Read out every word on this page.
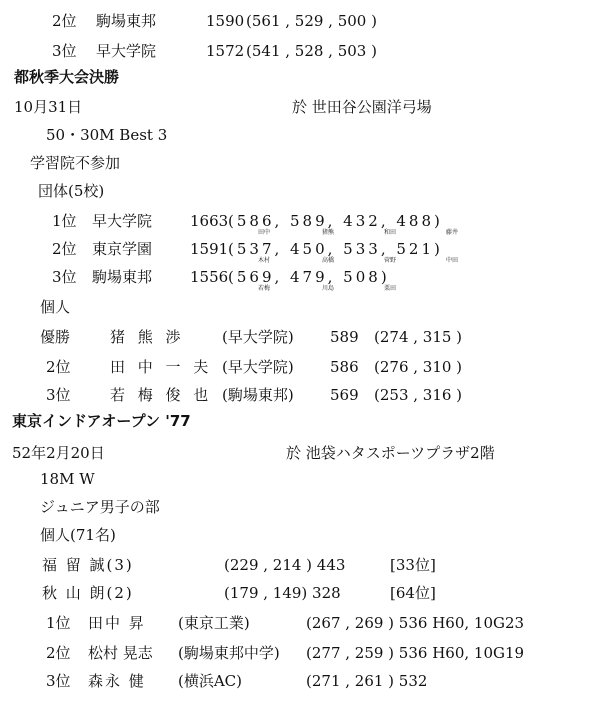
2位 駒場東邦	1590 (561 , 529 , 500 )
3位 早大学院	1572 (541 , 528 , 503 )
都秋季大会決勝
10月31日	於 世田谷公園洋弓場
50・30M Best 3
学習院不参加
団体(5校)
1位 早大学院	1663 (586, 589, 432, 488)
田中	猪熊	和田	藤井
2位 東京学園	1591 (537, 450, 533, 521)
木村	高橋	菅野	中田
3位 駒場東邦	1556 (569, 479, 508)
若梅	川島	栗田
個人
優勝	猪 熊 渉 (早大学院) 589 (274 , 315 )
2位	田 中 一 夫 (早大学院) 586 (276 , 310 )
3位	若 梅 俊 也 (駒場東邦) 569 (253 , 316 )
東京インドアオープン '77
52年2月20日	於 池袋ハタスポーツプラザ2階
18M W
ジュニア男子の部
個人(71名)
福 留 誠(3)	(229 , 214 ) 443	[33位]
秋 山 朗(2)	(179 , 149) 328	[64位]
1位 田中 昇 (東京工業)	(267 , 269 ) 536 H60, 10G23
2位 松村 晃志 (駒場東邦中学) (277 , 259 ) 536 H60, 10G19
3位 森永 健 (横浜AC)	(271 , 261 ) 532
